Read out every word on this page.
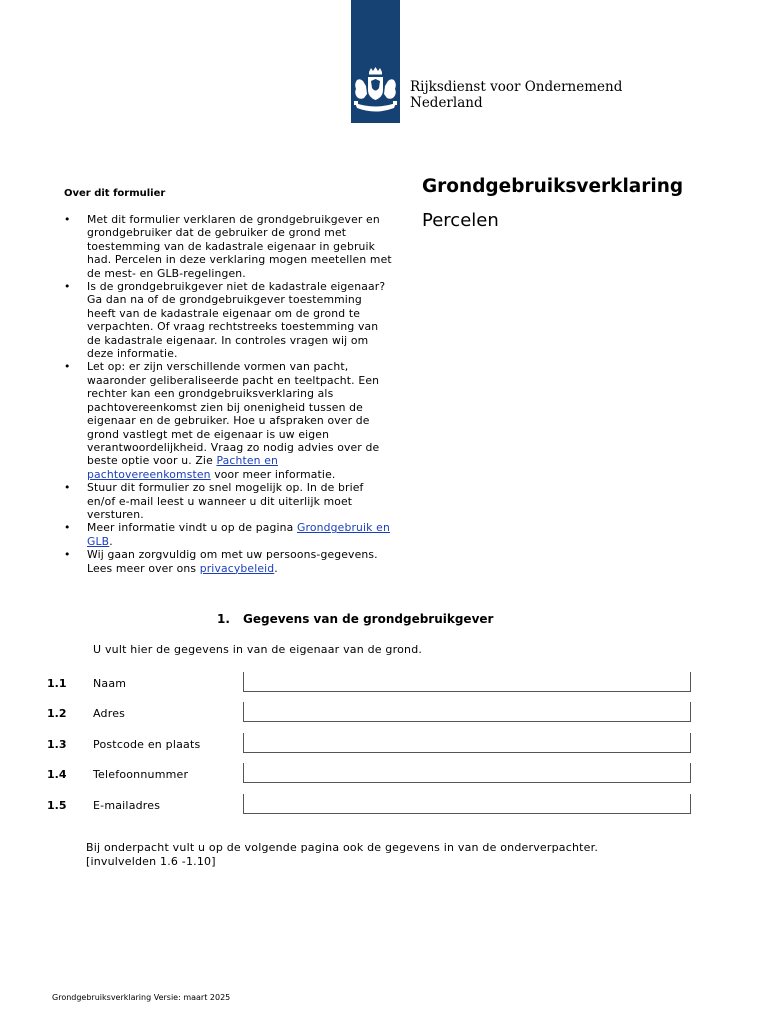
Rijksdienst voor Ondernemend
Nederland
Grondgebruiksverklaring
Percelen
Over dit formulier
• Met dit formulier verklaren de grondgebruikgever en grondgebruiker dat de gebruiker de grond met toestemming van de kadastrale eigenaar in gebruik had. Percelen in deze verklaring mogen meetellen met de mest- en GLB-regelingen.
• Is de grondgebruikgever niet de kadastrale eigenaar? Ga dan na of de grondgebruikgever toestemming heeft van de kadastrale eigenaar om de grond te verpachten. Of vraag rechtstreeks toestemming van de kadastrale eigenaar. In controles vragen wij om deze informatie.
• Let op: er zijn verschillende vormen van pacht, waaronder geliberaliseerde pacht en teeltpacht. Een rechter kan een grondgebruiksverklaring als pachtovereenkomst zien bij onenigheid tussen de eigenaar en de gebruiker. Hoe u afspraken over de grond vastlegt met de eigenaar is uw eigen verantwoordelijkheid. Vraag zo nodig advies over de beste optie voor u. Zie Pachten en pachtovereenkomsten voor meer informatie.
• Stuur dit formulier zo snel mogelijk op. In de brief en/of e-mail leest u wanneer u dit uiterlijk moet versturen.
• Meer informatie vindt u op de pagina Grondgebruik en GLB.
• Wij gaan zorgvuldig om met uw persoons-gegevens. Lees meer over ons privacybeleid.
1. Gegevens van de grondgebruikgever
U vult hier de gegevens in van de eigenaar van de grond.
1.1 Naam
1.2 Adres
1.3 Postcode en plaats
1.4 Telefoonnummer
1.5 E-mailadres
Bij onderpacht vult u op de volgende pagina ook de gegevens in van de onderverpachter.
[invulvelden 1.6 -1.10]
Grondgebruiksverklaring Versie: maart 2025
